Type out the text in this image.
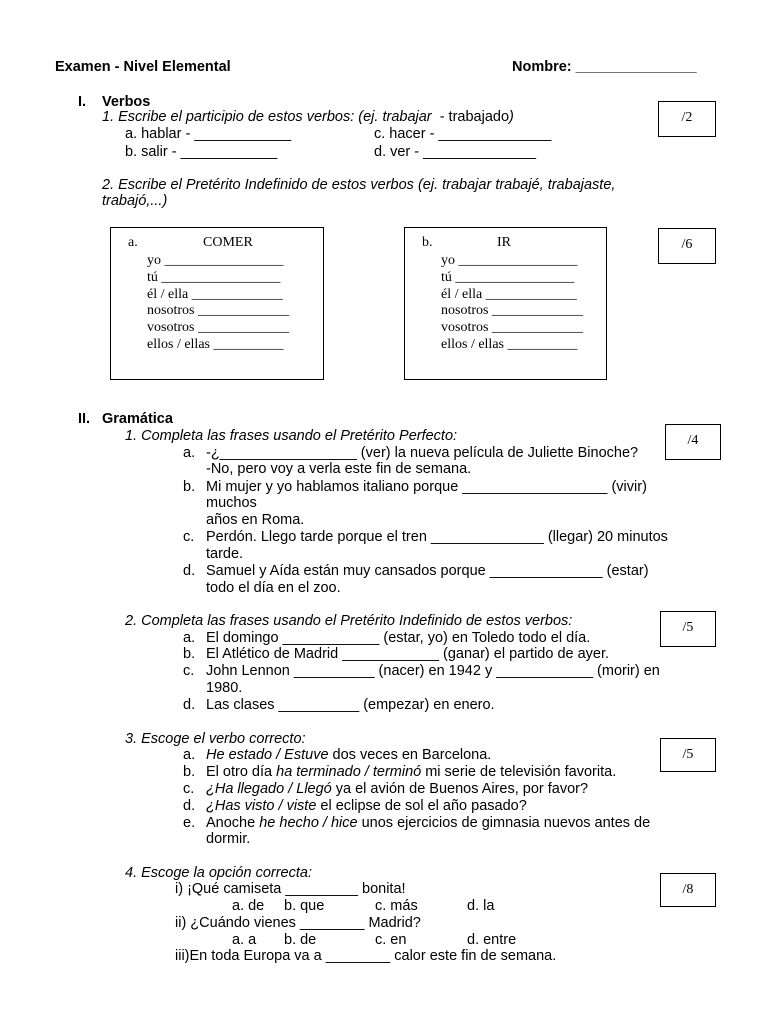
Examen - Nivel Elemental	Nombre: _______________
I. Verbos
1. Escribe el participio de estos verbos: (ej. trabajar - trabajado)	/2
a. hablar - ____________
b. salir - ____________
c. hacer - ______________
d. ver - ______________
2. Escribe el Pretérito Indefinido de estos verbos (ej. trabajar trabajé, trabajaste,
trabajó,...)
/6
a.	COMER
yo _________________
tú _________________
él / ella _____________
nosotros _____________
vosotros _____________
ellos / ellas __________
b.	IR
yo _________________
tú _________________
él / ella _____________
nosotros _____________
vosotros _____________
ellos / ellas __________
II. Gramática
1. Completa las frases usando el Pretérito Perfecto:	/4
a. -¿_________________ (ver) la nueva película de Juliette Binoche?
-No, pero voy a verla este fin de semana.
b. Mi mujer y yo hablamos italiano porque __________________ (vivir)
muchos
años en Roma.
c. Perdón. Llego tarde porque el tren ______________ (llegar) 20 minutos
tarde.
d. Samuel y Aída están muy cansados porque ______________ (estar)
todo el día en el zoo.
2. Completa las frases usando el Pretérito Indefinido de estos verbos:	/5
a. El domingo ____________ (estar, yo) en Toledo todo el día.
b. El Atlético de Madrid ____________ (ganar) el partido de ayer.
c. John Lennon __________ (nacer) en 1942 y ____________ (morir) en
1980.
d. Las clases __________ (empezar) en enero.
3. Escoge el verbo correcto:
/5
a. He estado / Estuve dos veces en Barcelona.
b. El otro día ha terminado / terminó mi serie de televisión favorita.
c. ¿Ha llegado / Llegó ya el avión de Buenos Aires, por favor?
d. ¿Has visto / viste el eclipse de sol el año pasado?
e. Anoche he hecho / hice unos ejercicios de gimnasia nuevos antes de
dormir.
4. Escoge la opción correcta:
/8
i) ¡Qué camiseta _________ bonita!
a. de b. que	c. más	d. la
ii) ¿Cuándo vienes ________ Madrid?
a. a b. de	c. en	d. entre
iii)En toda Europa va a ________ calor este fin de semana.
